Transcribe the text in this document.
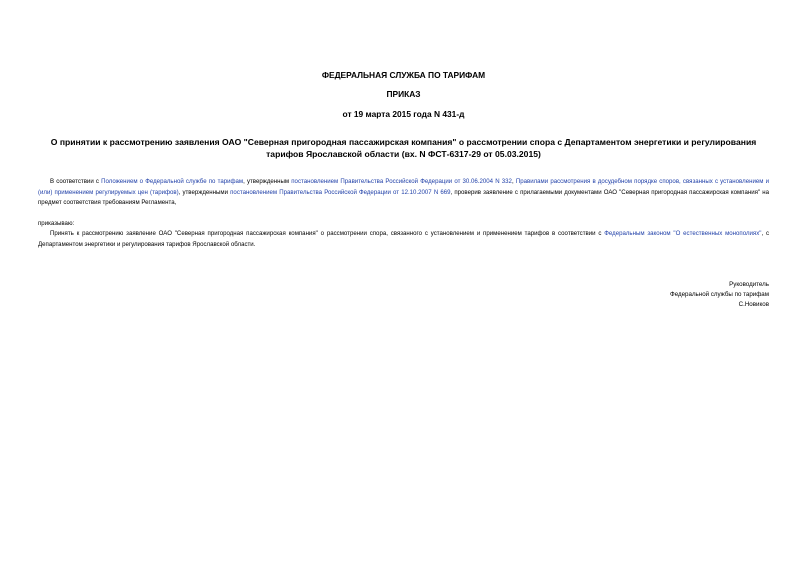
ФЕДЕРАЛЬНАЯ СЛУЖБА ПО ТАРИФАМ
ПРИКАЗ
от 19 марта 2015 года N 431-д
О принятии к рассмотрению заявления ОАО "Северная пригородная пассажирская компания" о рассмотрении спора с Департаментом энергетики и регулирования
тарифов Ярославской области (вх. N ФСТ-6317-29 от 05.03.2015)
В соответствии с Положением о Федеральной службе по тарифам, утвержденным постановлением Правительства Российской Федерации от 30.06.2004 N 332, Правилами рассмотрения в досудебном порядке споров, связанных с установлением и (или) применением регулируемых цен (тарифов), утвержденными постановлением Правительства Российской Федерации от 12.10.2007 N 669, проверив заявление с прилагаемыми документами ОАО "Северная пригородная пассажирская компания" на предмет соответствия требованиям Регламента,
приказываю:
Принять к рассмотрению заявление ОАО "Северная пригородная пассажирская компания" о рассмотрении спора, связанного с установлением и применением тарифов в соответствии с Федеральным законом "О естественных монополиях", с Департаментом энергетики и регулирования тарифов Ярославской области.
Руководитель
Федеральной службы по тарифам
С.Новиков
